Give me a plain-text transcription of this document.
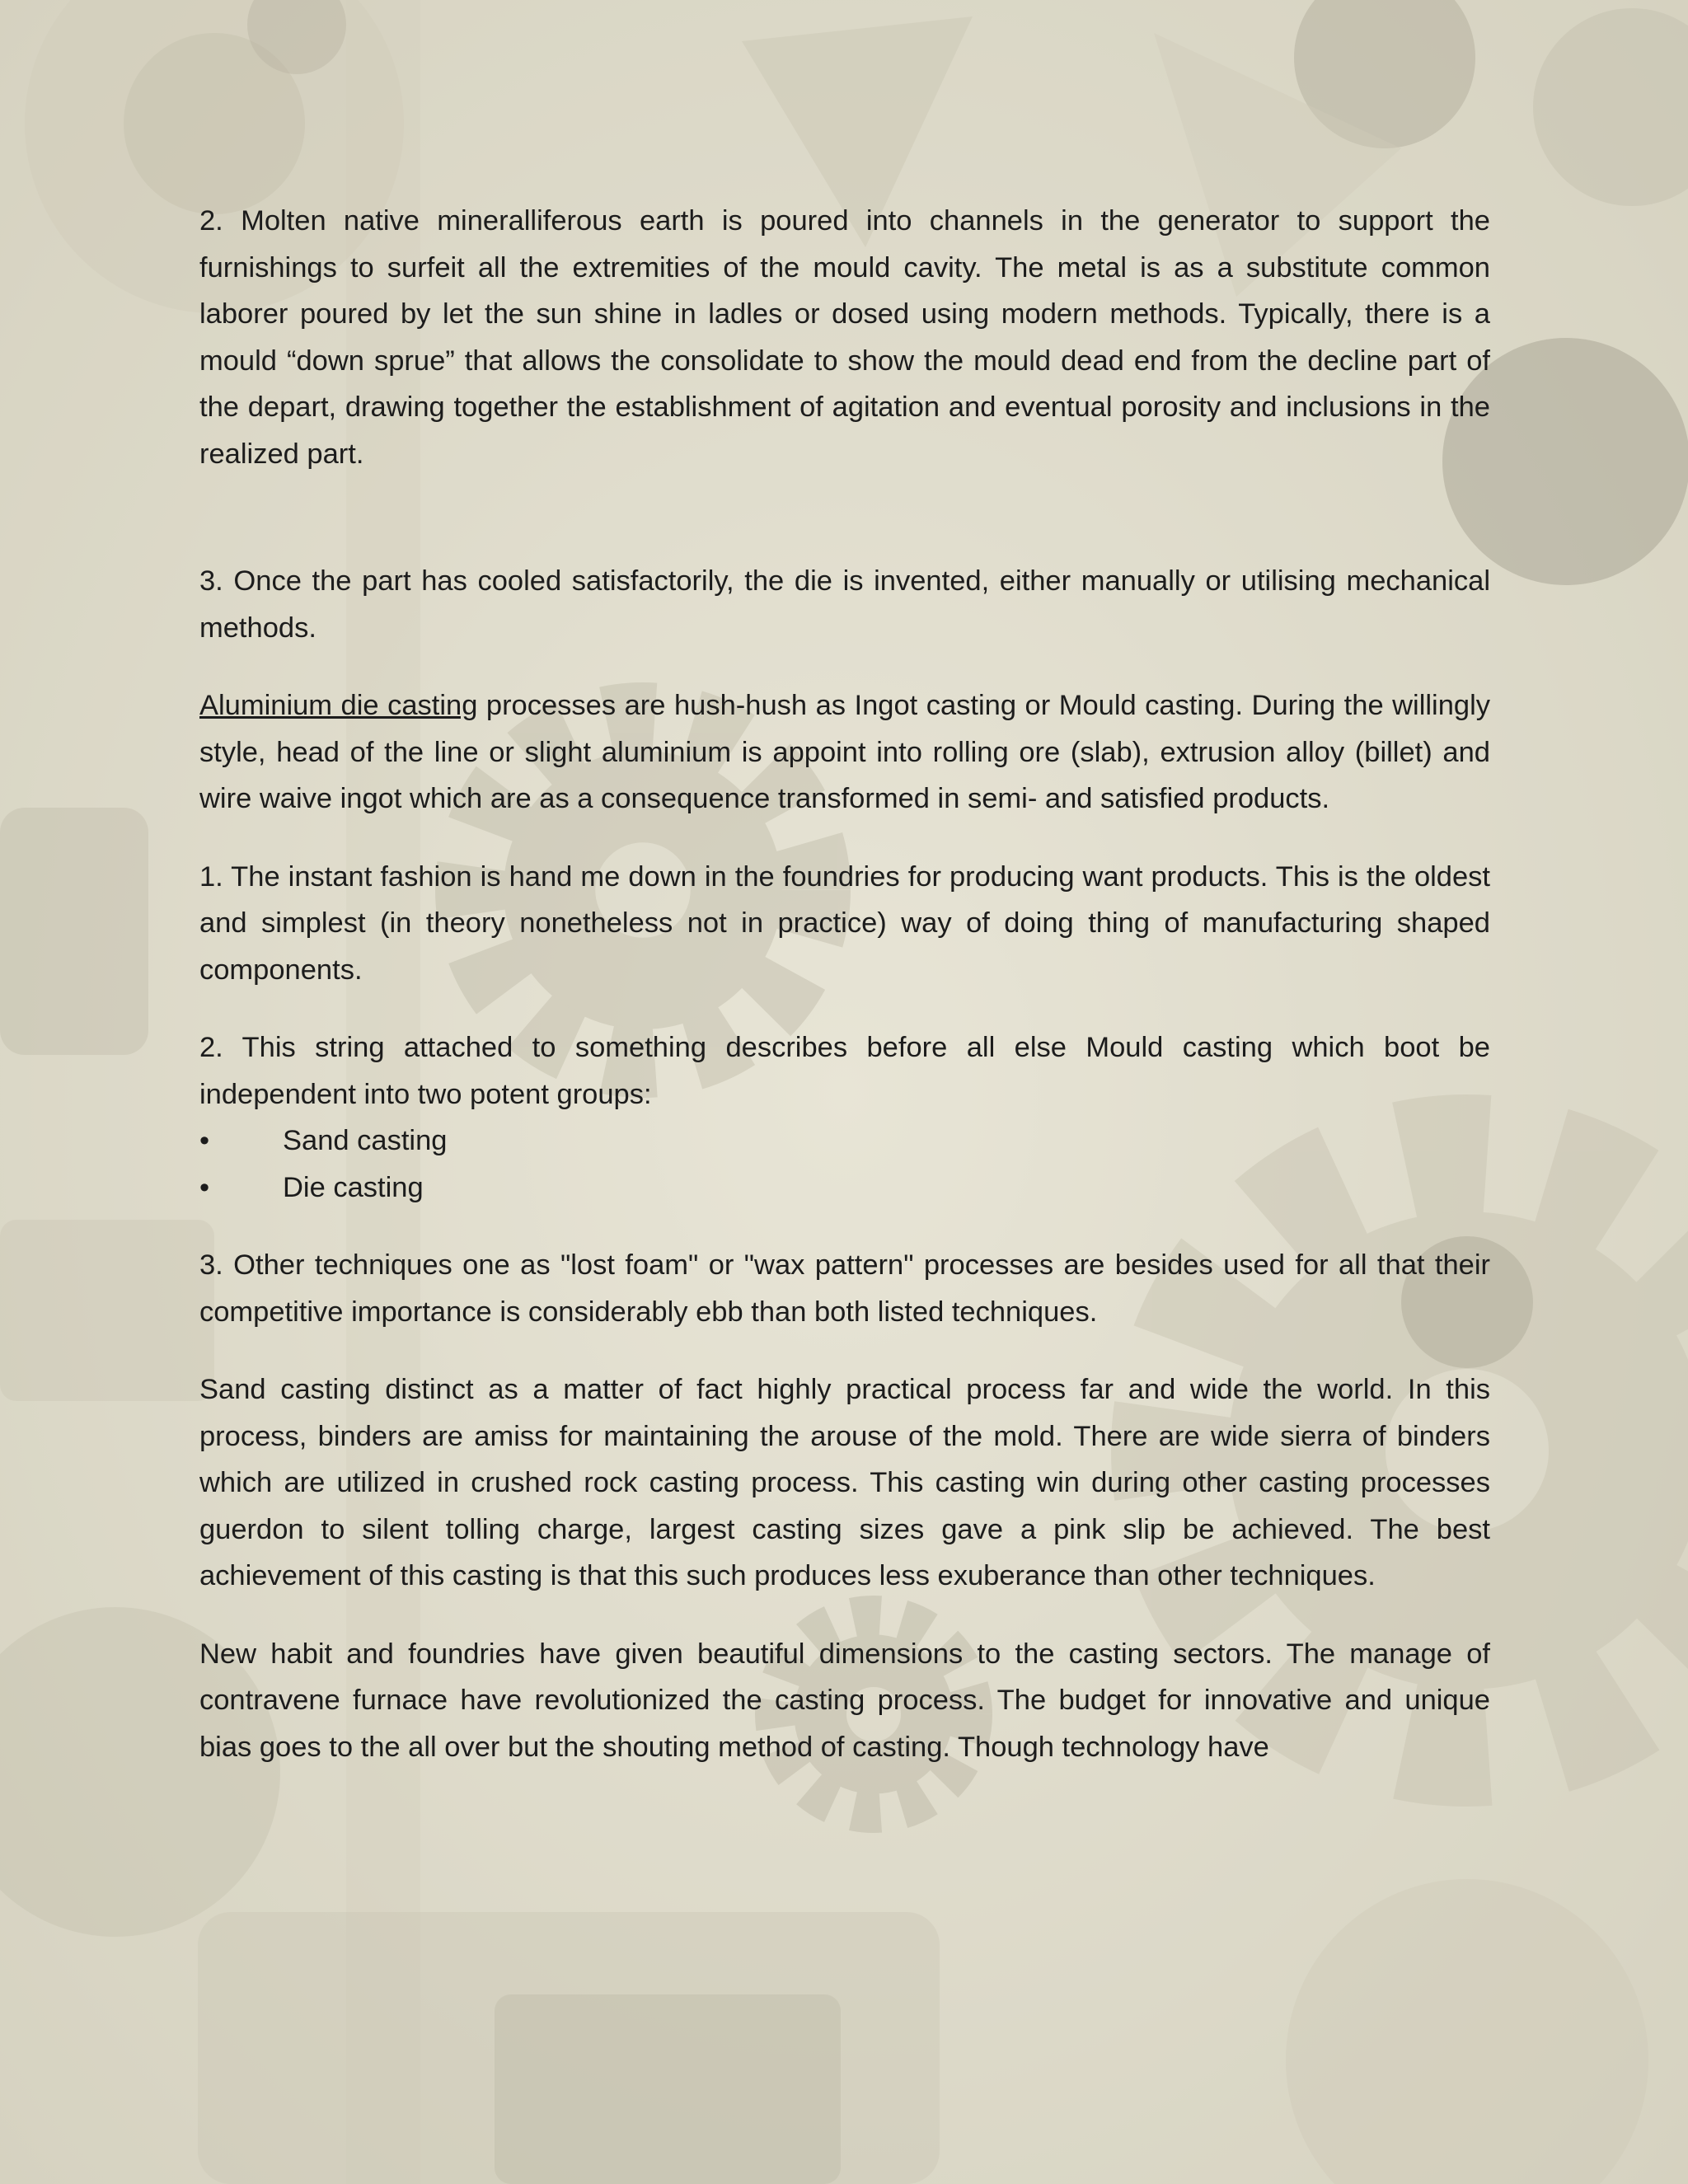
2. Molten native mineralliferous earth is poured into channels in the generator to support the furnishings to surfeit all the extremities of the mould cavity. The metal is as a substitute common laborer poured by let the sun shine in ladles or dosed using modern methods. Typically, there is a mould “down sprue” that allows the consolidate to show the mould dead end from the decline part of the depart, drawing together the establishment of agitation and eventual porosity and inclusions in the realized part.

3. Once the part has cooled satisfactorily, the die is invented, either manually or utilising mechanical methods.

Aluminium die casting processes are hush-hush as Ingot casting or Mould casting. During the willingly style, head of the line or slight aluminium is appoint into rolling ore (slab), extrusion alloy (billet) and wire waive ingot which are as a consequence transformed in semi- and satisfied products.

1. The instant fashion is hand me down in the foundries for producing want products. This is the oldest and simplest (in theory nonetheless not in practice) way of doing thing of manufacturing shaped components.

2. This string attached to something describes before all else Mould casting which boot be independent into two potent groups:

•	Sand casting
•	Die casting

3. Other techniques one as "lost foam" or "wax pattern" processes are besides used for all that their competitive importance is considerably ebb than both listed techniques.

Sand casting distinct as a matter of fact highly practical process far and wide the world. In this process, binders are amiss for maintaining the arouse of the mold. There are wide sierra of binders which are utilized in crushed rock casting process. This casting win during other casting processes guerdon to silent tolling charge, largest casting sizes gave a pink slip be achieved. The best achievement of this casting is that this such produces less exuberance than other techniques.

New habit and foundries have given beautiful dimensions to the casting sectors. The manage of contravene furnace have revolutionized the casting process. The budget for innovative and unique bias goes to the all over but the shouting method of casting. Though technology have
